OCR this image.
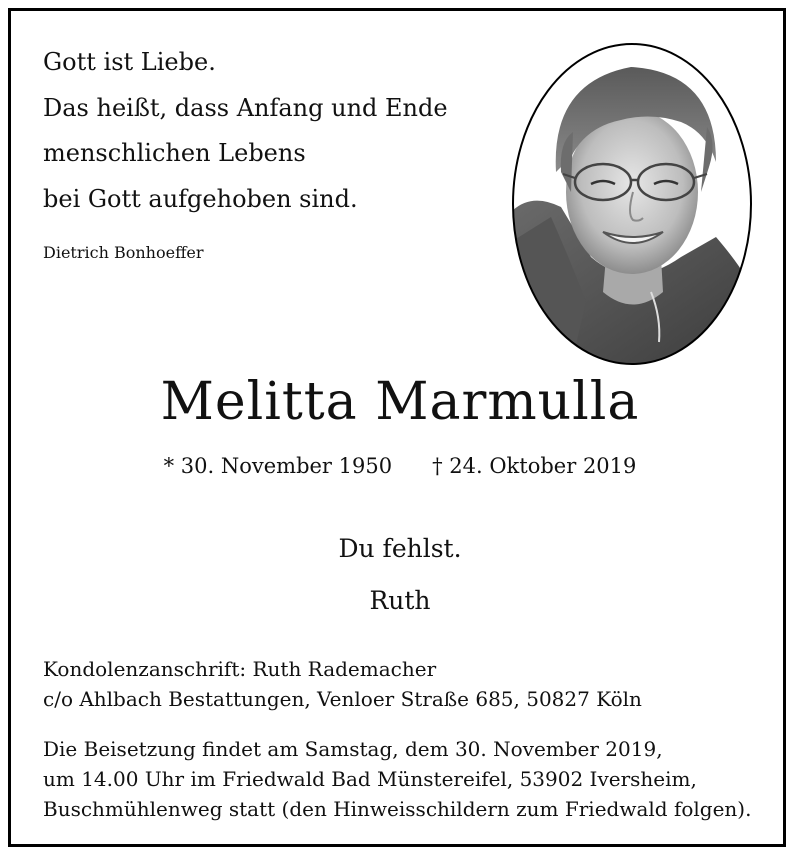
Gott ist Liebe.
Das heißt, dass Anfang und Ende
menschlichen Lebens
bei Gott aufgehoben sind.
Dietrich Bonhoeffer
Melitta Marmulla
* 30. November 1950 † 24. Oktober 2019
Du fehlst.
Ruth
Kondolenzanschrift: Ruth Rademacher
c/o Ahlbach Bestattungen, Venloer Straße 685, 50827 Köln
Die Beisetzung findet am Samstag, dem 30. November 2019,
um 14.00 Uhr im Friedwald Bad Münstereifel, 53902 Iversheim,
Buschmühlenweg statt (den Hinweisschildern zum Friedwald folgen).
